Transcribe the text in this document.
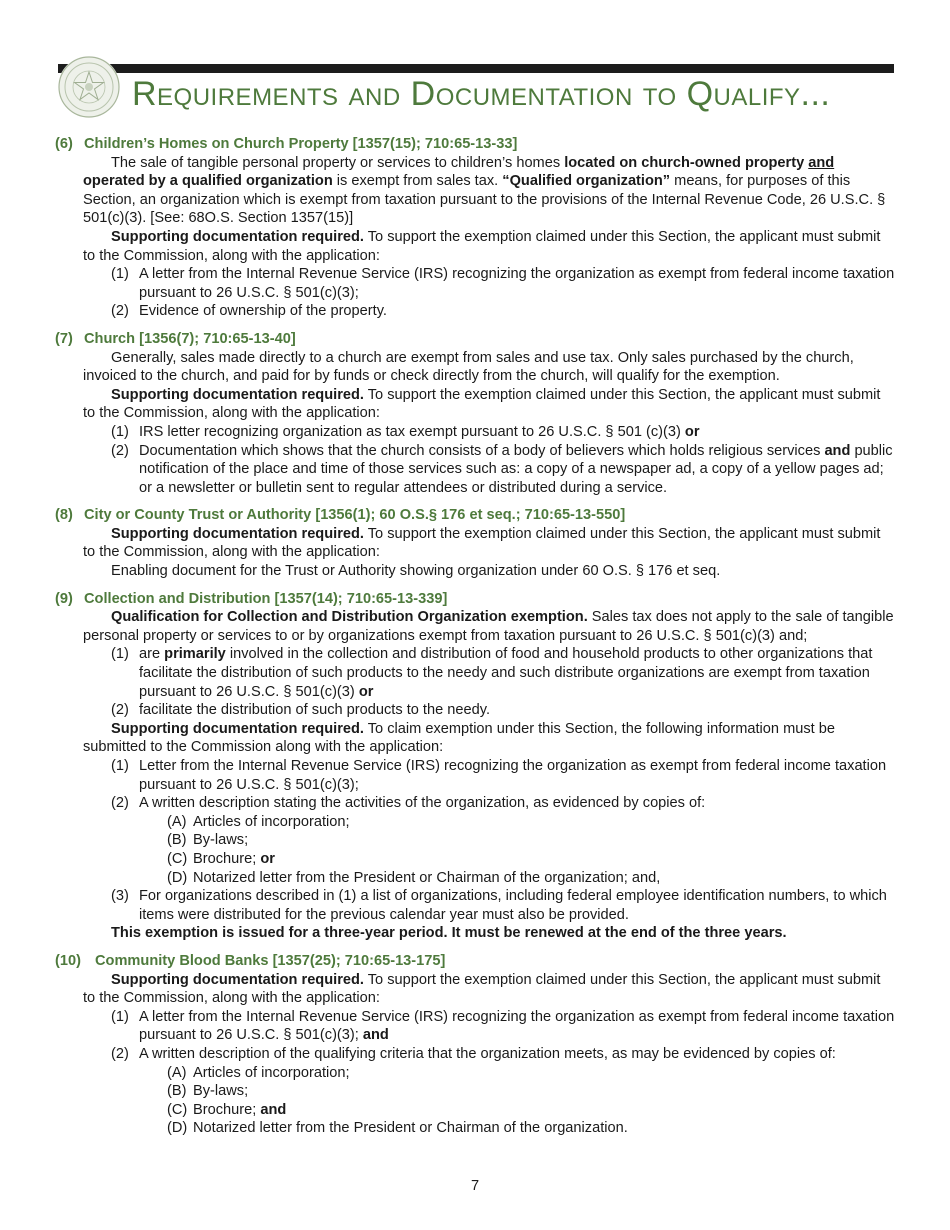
Requirements and Documentation to Qualify...

(6) Children’s Homes on Church Property [1357(15); 710:65-13-33]

The sale of tangible personal property or services to children’s homes located on church-owned property and operated by a qualified organization is exempt from sales tax. “Qualified organization” means, for purposes of this Section, an organization which is exempt from taxation pursuant to the provisions of the Internal Revenue Code, 26 U.S.C. § 501(c)(3). [See: 68O.S. Section 1357(15)]

Supporting documentation required. To support the exemption claimed under this Section, the applicant must submit to the Commission, along with the application:

(1) A letter from the Internal Revenue Service (IRS) recognizing the organization as exempt from federal income taxation pursuant to 26 U.S.C. § 501(c)(3);

(2) Evidence of ownership of the property.

(7) Church [1356(7); 710:65-13-40]

Generally, sales made directly to a church are exempt from sales and use tax. Only sales purchased by the church, invoiced to the church, and paid for by funds or check directly from the church, will qualify for the exemption.

Supporting documentation required. To support the exemption claimed under this Section, the applicant must submit to the Commission, along with the application:

(1) IRS letter recognizing organization as tax exempt pursuant to 26 U.S.C. § 501 (c)(3) or

(2) Documentation which shows that the church consists of a body of believers which holds religious services and public notification of the place and time of those services such as: a copy of a newspaper ad, a copy of a yellow pages ad; or a newsletter or bulletin sent to regular attendees or distributed during a service.

(8) City or County Trust or Authority [1356(1); 60 O.S.§ 176 et seq.; 710:65-13-550]

Supporting documentation required. To support the exemption claimed under this Section, the applicant must submit to the Commission, along with the application:

Enabling document for the Trust or Authority showing organization under 60 O.S. § 176 et seq.

(9) Collection and Distribution [1357(14); 710:65-13-339]

Qualification for Collection and Distribution Organization exemption. Sales tax does not apply to the sale of tangible personal property or services to or by organizations exempt from taxation pursuant to 26 U.S.C. § 501(c)(3) and;

(1) are primarily involved in the collection and distribution of food and household products to other organizations that facilitate the distribution of such products to the needy and such distribute organizations are exempt from taxation pursuant to 26 U.S.C. § 501(c)(3) or

(2) facilitate the distribution of such products to the needy.

Supporting documentation required. To claim exemption under this Section, the following information must be submitted to the Commission along with the application:

(1) Letter from the Internal Revenue Service (IRS) recognizing the organization as exempt from federal income taxation pursuant to 26 U.S.C. § 501(c)(3);

(2) A written description stating the activities of the organization, as evidenced by copies of:

(A) Articles of incorporation;

(B) By-laws;

(C) Brochure; or

(D) Notarized letter from the President or Chairman of the organization; and,

(3) For organizations described in (1) a list of organizations, including federal employee identification numbers, to which items were distributed for the previous calendar year must also be provided.

This exemption is issued for a three-year period. It must be renewed at the end of the three years.

(10) Community Blood Banks [1357(25); 710:65-13-175]

Supporting documentation required. To support the exemption claimed under this Section, the applicant must submit to the Commission, along with the application:

(1) A letter from the Internal Revenue Service (IRS) recognizing the organization as exempt from federal income taxation pursuant to 26 U.S.C. § 501(c)(3); and

(2) A written description of the qualifying criteria that the organization meets, as may be evidenced by copies of:

(A) Articles of incorporation;

(B) By-laws;

(C) Brochure; and

(D) Notarized letter from the President or Chairman of the organization.

7
